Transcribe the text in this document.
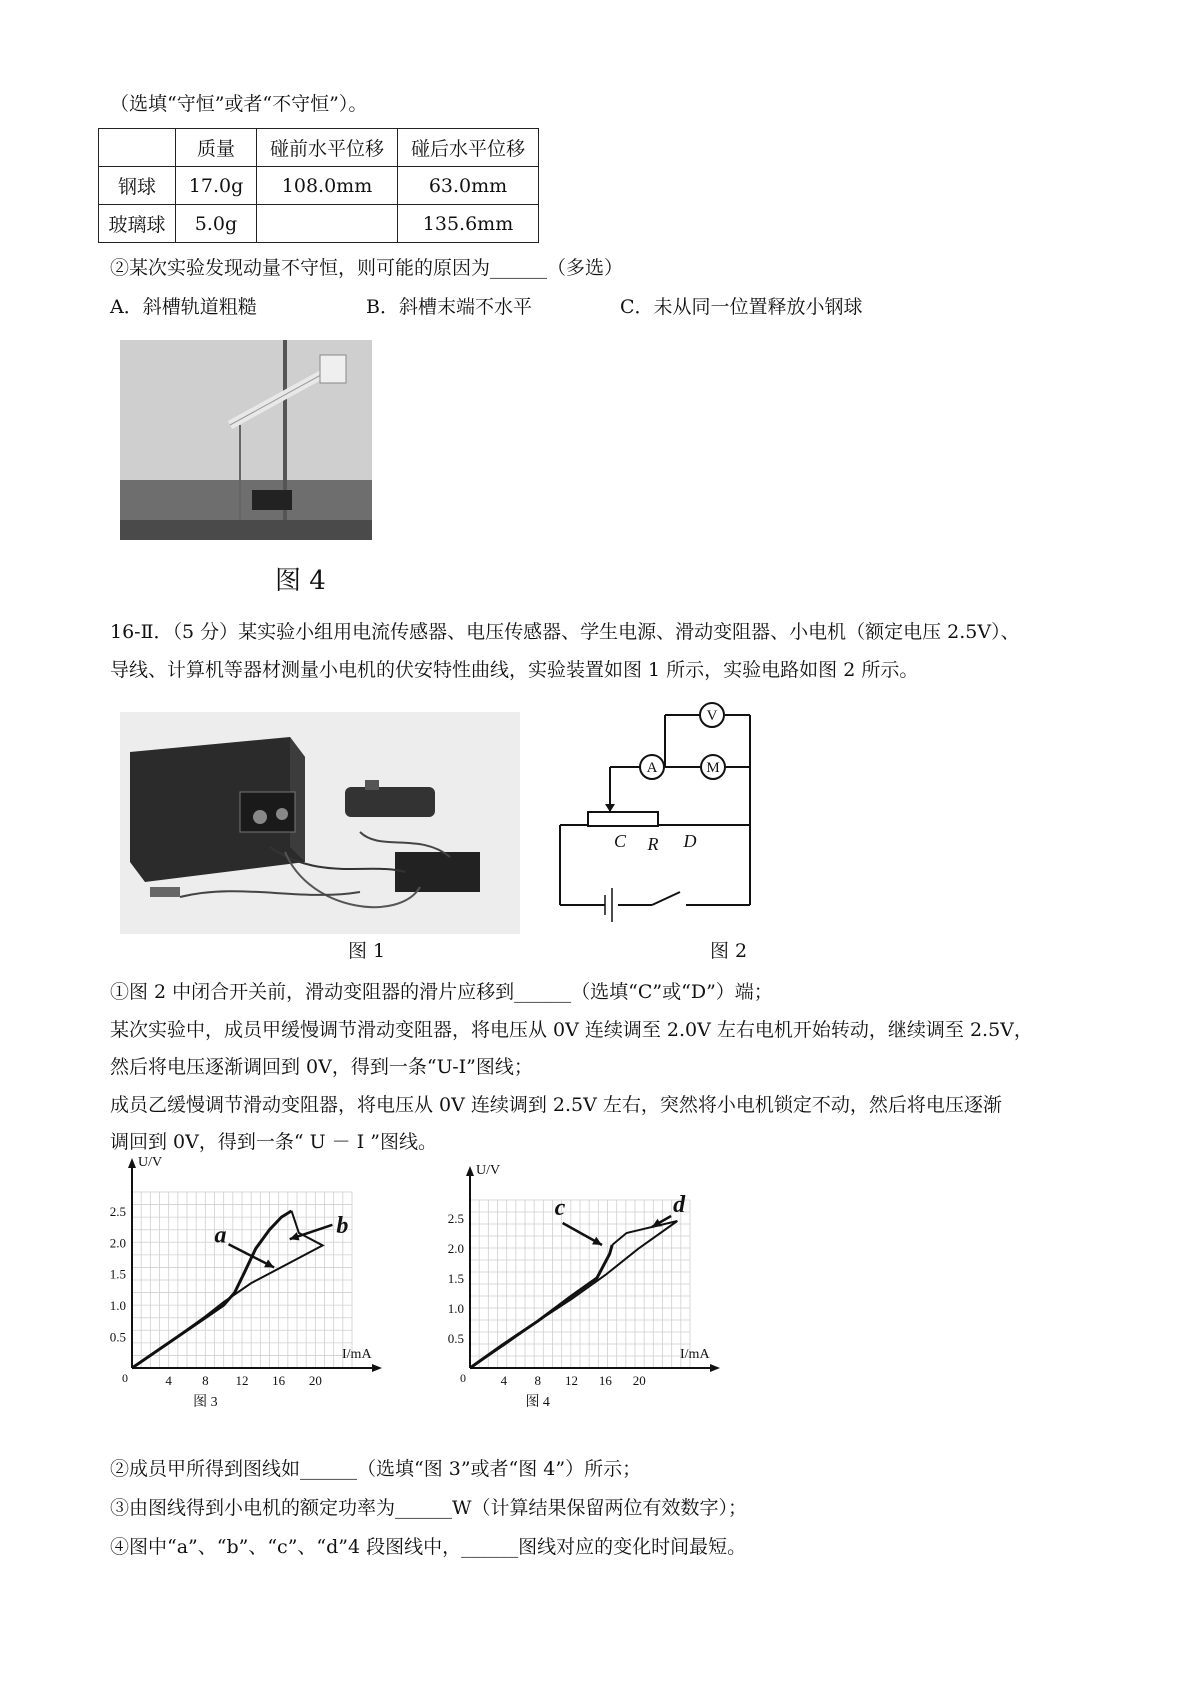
（选填“守恒”或者“不守恒”）。
	质量	碰前水平位移	碰后水平位移
钢球	17.0g	108.0mm	63.0mm
玻璃球	5.0g		135.6mm
②某次实验发现动量不守恒，则可能的原因为______（多选）
A．斜槽轨道粗糙	B．斜槽末端不水平	C．未从同一位置释放小钢球
图 4
16-Ⅱ．（5 分）某实验小组用电流传感器、电压传感器、学生电源、滑动变阻器、小电机（额定电压 2.5V）、
导线、计算机等器材测量小电机的伏安特性曲线，实验装置如图 1 所示，实验电路如图 2 所示。
图 1
V
A	M
C R D
图 2
①图 2 中闭合开关前，滑动变阻器的滑片应移到______（选填“C”或“D”）端；
某次实验中，成员甲缓慢调节滑动变阻器，将电压从 0V 连续调至 2.0V 左右电机开始转动，继续调至 2.5V，
然后将电压逐渐调回到 0V，得到一条“U-I”图线；
成员乙缓慢调节滑动变阻器，将电压从 0V 连续调到 2.5V 左右，突然将小电机锁定不动，然后将电压逐渐
调回到 0V，得到一条“ U － I ”图线。
4 8 12 16 20
0.5
1.0
1.5
2.0
2.5
0
U/V
I/mA
a	b
图 3
4 8 12 16 20
0.5
1.0
1.5
2.0
2.5
0
U/V
I/mA
c	d
图 4
②成员甲所得到图线如______（选填“图 3”或者“图 4”）所示；
③由图线得到小电机的额定功率为______W（计算结果保留两位有效数字）；
④图中“a”、“b”、“c”、“d”4 段图线中，______图线对应的变化时间最短。
